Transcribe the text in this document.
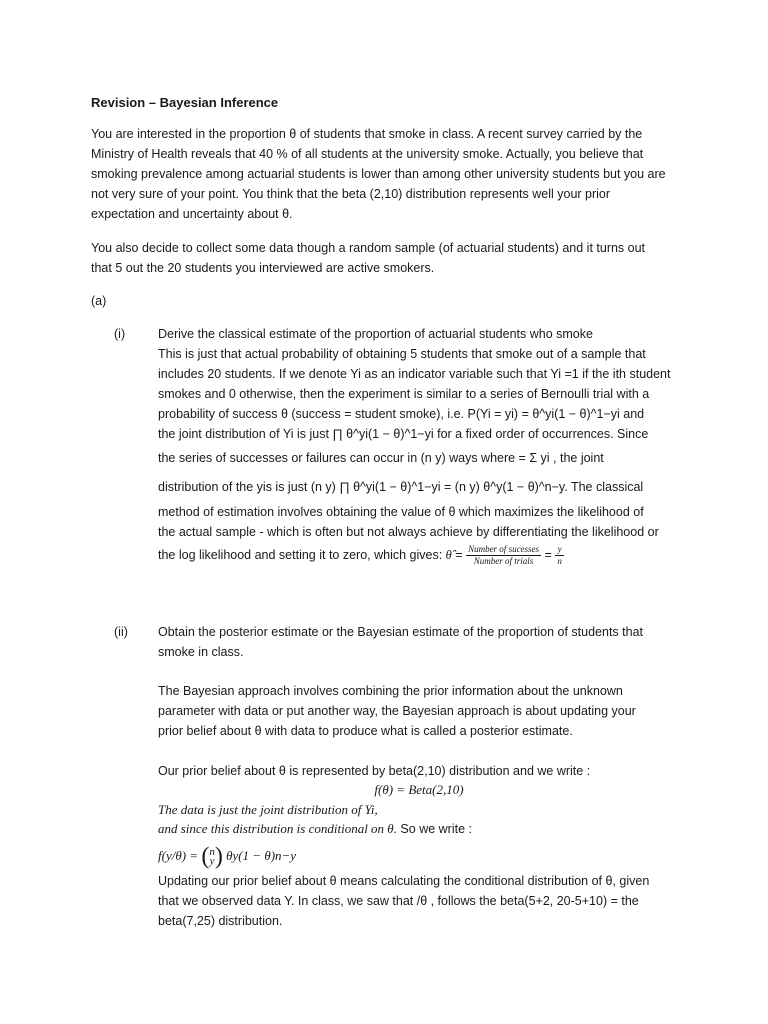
Revision – Bayesian Inference

You are interested in the proportion θ of students that smoke in class. A recent survey carried by the

Ministry of Health reveals that 40 % of all students at the university smoke. Actually, you believe that

smoking prevalence among actuarial students is lower than among other university students but you are

not very sure of your point. You think that the beta (2,10) distribution represents well your prior

expectation and uncertainty about θ.

You also decide to collect some data though a random sample (of actuarial students) and it turns out

that 5 out the 20 students you interviewed are active smokers.

(a)
(i)	Derive the classical estimate of the proportion of actuarial students who smoke

This is just that actual probability of obtaining 5 students that smoke out of a sample that

includes 20 students. If we denote Yi as an indicator variable such that Yi =1 if the ith student

smokes and 0 otherwise, then the experiment is similar to a series of Bernoulli trial with a

probability of success θ (success = student smoke), i.e. P(Yi = yi) = θ^yi(1 − θ)^1−yi and

the joint distribution of Yi is just ∏ θ^yi(1 − θ)^1−yi for a fixed order of occurrences. Since

the series of successes or failures can occur in (n y) ways where = Σ yi , the joint

distribution of the yis is just (n y) ∏ θ^yi(1 − θ)^1−yi = (n y) θ^y(1 − θ)^n−y. The classical

method of estimation involves obtaining the value of θ which maximizes the likelihood of

the actual sample - which is often but not always achieve by differentiating the likelihood or

the log likelihood and setting it to zero, which gives: θ̂ = $\frac{\text{Number of sucesses}}{\text{Number of trials}} = \frac{y}{n}$

(ii) Obtain the posterior estimate or the Bayesian estimate of the proportion of students that

smoke in class.

The Bayesian approach involves combining the prior information about the unknown

parameter with data or put another way, the Bayesian approach is about updating your

prior belief about θ with data to produce what is called a posterior estimate.

Our prior belief about θ is represented by beta(2,10) distribution and we write :
f(θ) = Beta(2,10)
The data is just the joint distribution of Yi,
and since this distribution is conditional on θ. So we write :
f(y/θ) = ( n
y ) θy(1 − θ)n−y

Updating our prior belief about θ means calculating the conditional distribution of θ, given

that we observed data Y. In class, we saw that /θ , follows the beta(5+2, 20-5+10) = the

beta(7,25) distribution.
